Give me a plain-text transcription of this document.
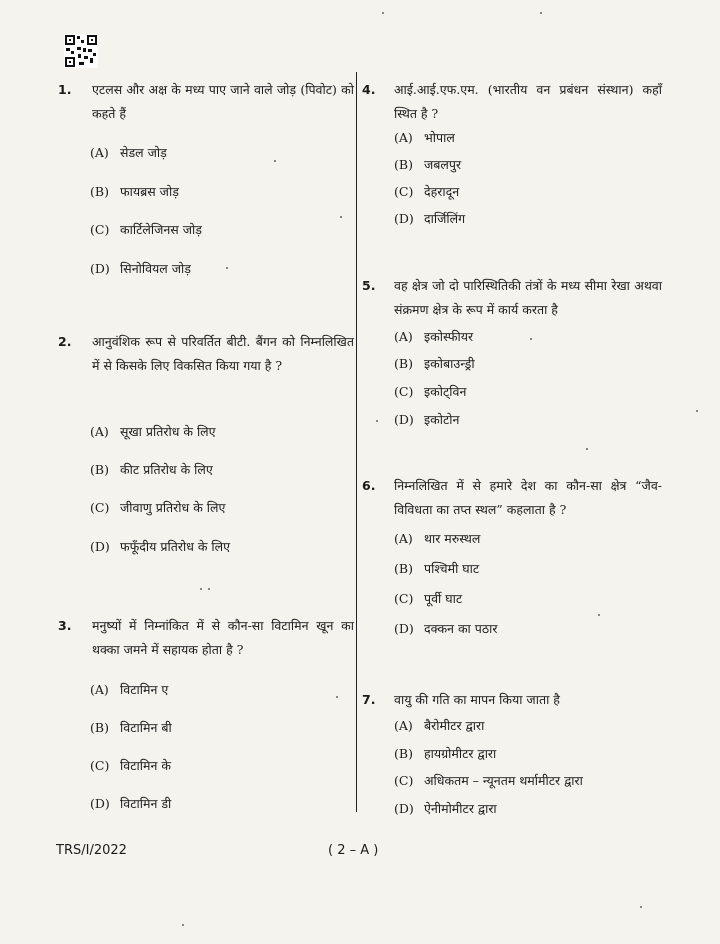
1. एटलस और अक्ष के मध्य पाए जाने वाले जोड़ (पिवोट) को कहते हैं
(A) सेडल जोड़
(B) फायब्रस जोड़
(C) कार्टिलेजिनस जोड़
(D) सिनोवियल जोड़
2. आनुवंशिक रूप से परिवर्तित बीटी. बैंगन को निम्नलिखित में से किसके लिए विकसित किया गया है ?
(A) सूखा प्रतिरोध के लिए
(B) कीट प्रतिरोध के लिए
(C) जीवाणु प्रतिरोध के लिए
(D) फफूँदीय प्रतिरोध के लिए
3. मनुष्यों में निम्नांकित में से कौन-सा विटामिन खून का थक्का जमने में सहायक होता है ?
(A) विटामिन ए
(B) विटामिन बी
(C) विटामिन के
(D) विटामिन डी
4. आई.आई.एफ.एम. (भारतीय वन प्रबंधन संस्थान) कहाँ स्थित है ?
(A) भोपाल
(B) जबलपुर
(C) देहरादून
(D) दार्जिलिंग
5. वह क्षेत्र जो दो पारिस्थितिकी तंत्रों के मध्य सीमा रेखा अथवा संक्रमण क्षेत्र के रूप में कार्य करता है
(A) इकोस्फीयर
(B) इकोबाउन्ड्री
(C) इकोट्विन
(D) इकोटोन
6. निम्नलिखित में से हमारे देश का कौन-सा क्षेत्र “जैव-विविधता का तप्त स्थल” कहलाता है ?
(A) थार मरुस्थल
(B) पश्चिमी घाट
(C) पूर्वी घाट
(D) दक्कन का पठार
7. वायु की गति का मापन किया जाता है
(A) बैरोमीटर द्वारा
(B) हायग्रोमीटर द्वारा
(C) अधिकतम – न्यूनतम थर्मामीटर द्वारा
(D) ऐनीमोमीटर द्वारा
TRS/I/2022	( 2 – A )
